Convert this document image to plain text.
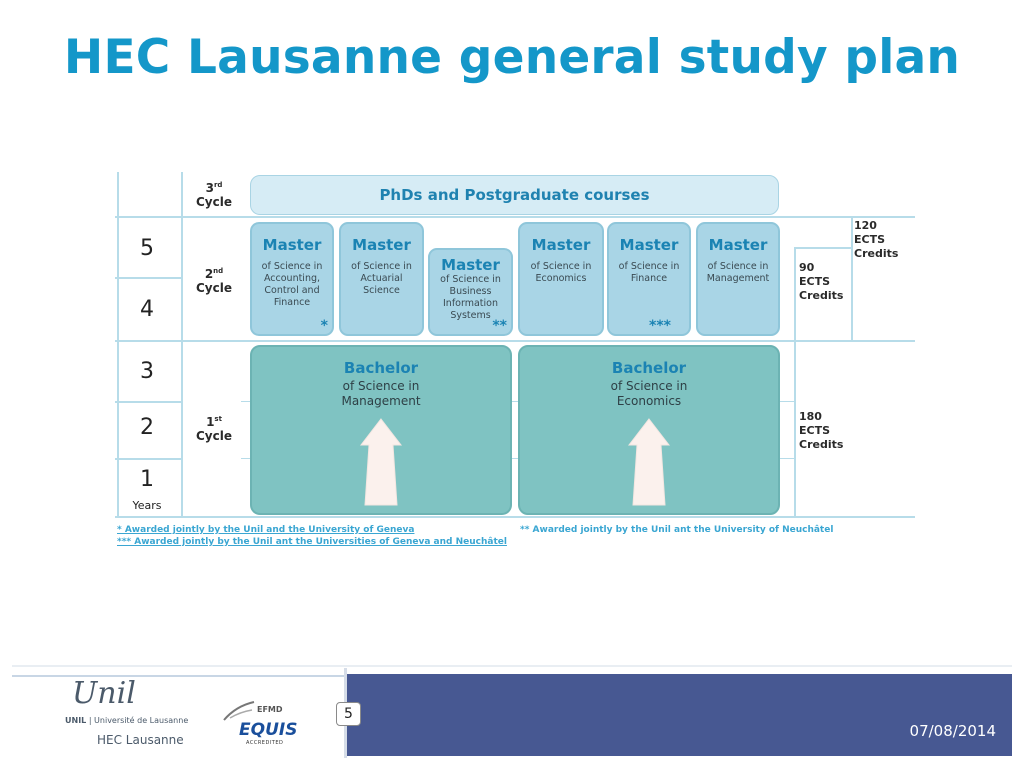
HEC Lausanne general study plan
5
4
3
2
1
Years
3rd
Cycle
2nd
Cycle
1st
Cycle
PhDs and Postgraduate courses
Master
of Science in Accounting, Control and Finance
*
Master
of Science in Actuarial Science
Master
of Science in Business Information Systems
**
Master
of Science in Economics
Master
of Science in Finance
***
Master
of Science in Management
Bachelor
of Science in Management
Bachelor
of Science in Economics
120
ECTS
Credits
90
ECTS
Credits
180
ECTS
Credits
* Awarded jointly by the Unil and the University of Geneva	** Awarded jointly by the Unil ant the University of Neuchâtel
*** Awarded jointly by the Unil ant the Universities of Geneva and Neuchâtel
Unil
UNIL | Université de Lausanne
HEC Lausanne
EFMD
EQUIS
ACCREDITED
5
07/08/2014
